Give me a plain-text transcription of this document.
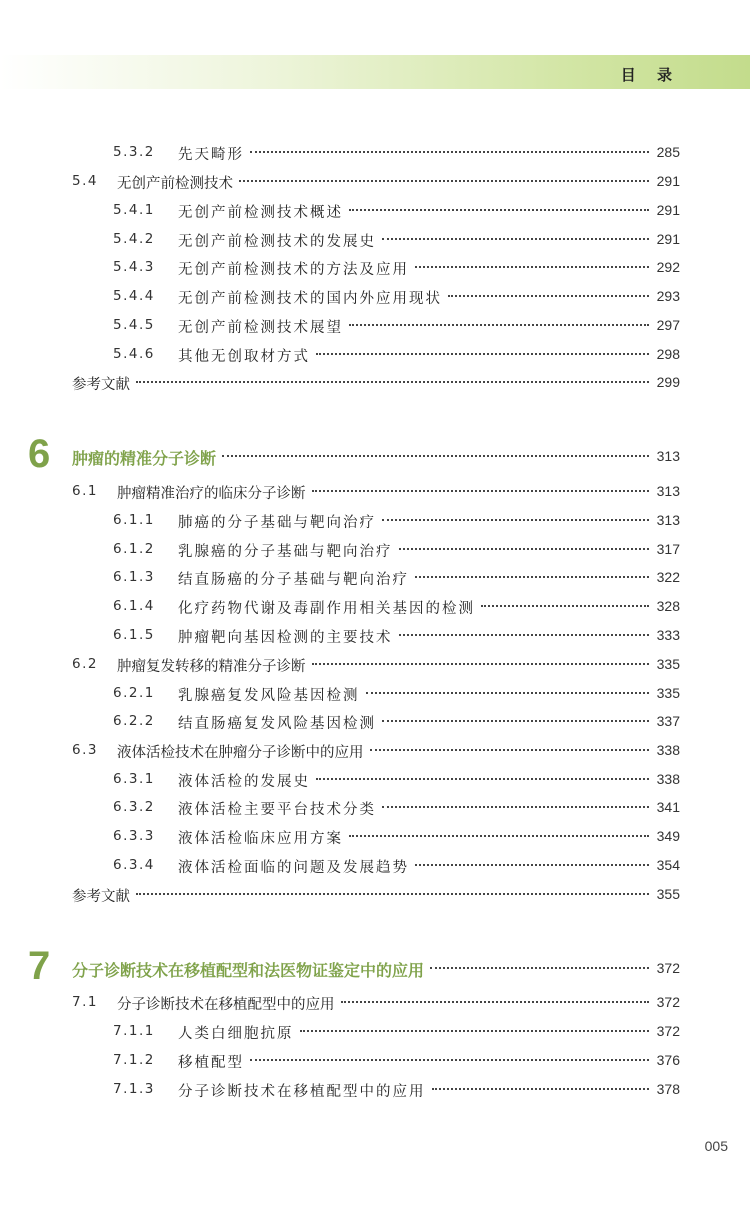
目 录
5.3.2 先天畸形	285
5.4 无创产前检测技术	291
5.4.1 无创产前检测技术概述	291
5.4.2 无创产前检测技术的发展史	291
5.4.3 无创产前检测技术的方法及应用	292
5.4.4 无创产前检测技术的国内外应用现状	293
5.4.5 无创产前检测技术展望	297
5.4.6 其他无创取材方式	298
参考文献	299
6 肿瘤的精准分子诊断	313
6.1 肿瘤精准治疗的临床分子诊断	313
6.1.1 肺癌的分子基础与靶向治疗	313
6.1.2 乳腺癌的分子基础与靶向治疗	317
6.1.3 结直肠癌的分子基础与靶向治疗	322
6.1.4 化疗药物代谢及毒副作用相关基因的检测	328
6.1.5 肿瘤靶向基因检测的主要技术	333
6.2 肿瘤复发转移的精准分子诊断	335
6.2.1 乳腺癌复发风险基因检测	335
6.2.2 结直肠癌复发风险基因检测	337
6.3 液体活检技术在肿瘤分子诊断中的应用	338
6.3.1 液体活检的发展史	338
6.3.2 液体活检主要平台技术分类	341
6.3.3 液体活检临床应用方案	349
6.3.4 液体活检面临的问题及发展趋势	354
参考文献	355
7 分子诊断技术在移植配型和法医物证鉴定中的应用	372
7.1 分子诊断技术在移植配型中的应用	372
7.1.1 人类白细胞抗原	372
7.1.2 移植配型	376
7.1.3 分子诊断技术在移植配型中的应用	378
005
